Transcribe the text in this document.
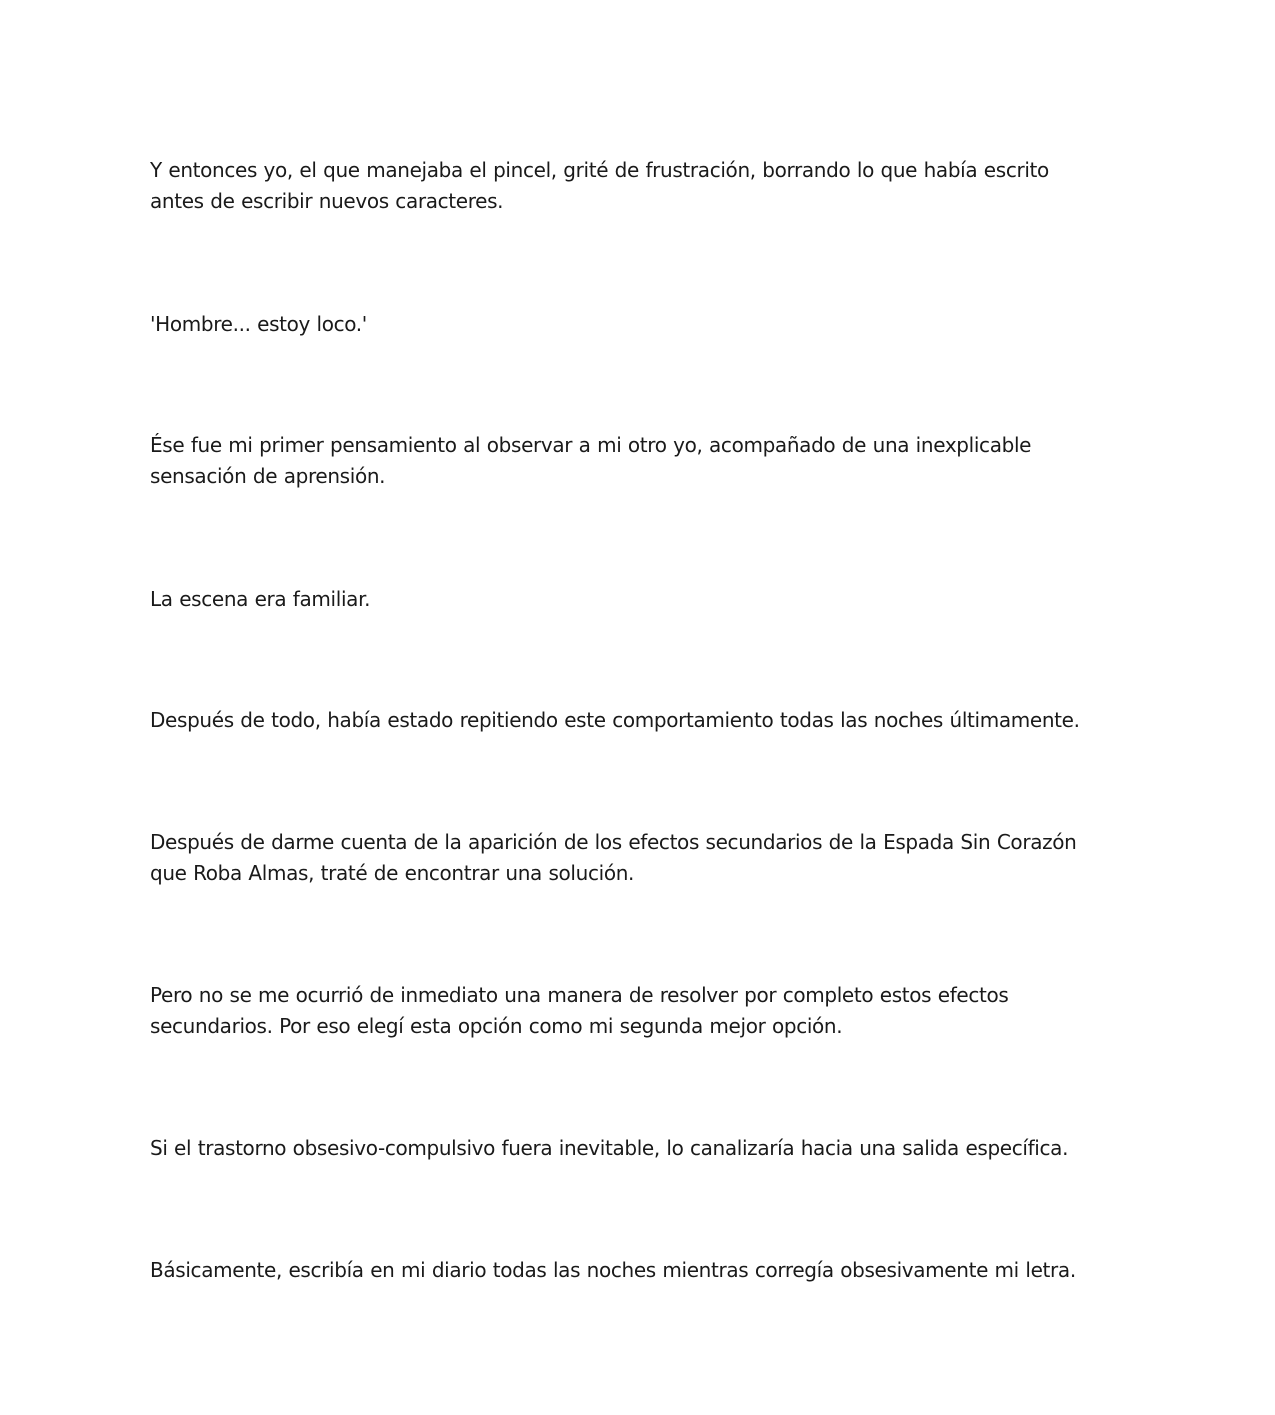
Y entonces yo, el que manejaba el pincel, grité de frustración, borrando lo que había escrito
antes de escribir nuevos caracteres.

'Hombre... estoy loco.'

Ése fue mi primer pensamiento al observar a mi otro yo, acompañado de una inexplicable
sensación de aprensión.

La escena era familiar.

Después de todo, había estado repitiendo este comportamiento todas las noches últimamente.

Después de darme cuenta de la aparición de los efectos secundarios de la Espada Sin Corazón
que Roba Almas, traté de encontrar una solución.

Pero no se me ocurrió de inmediato una manera de resolver por completo estos efectos
secundarios. Por eso elegí esta opción como mi segunda mejor opción.

Si el trastorno obsesivo-compulsivo fuera inevitable, lo canalizaría hacia una salida específica.

Básicamente, escribía en mi diario todas las noches mientras corregía obsesivamente mi letra.
